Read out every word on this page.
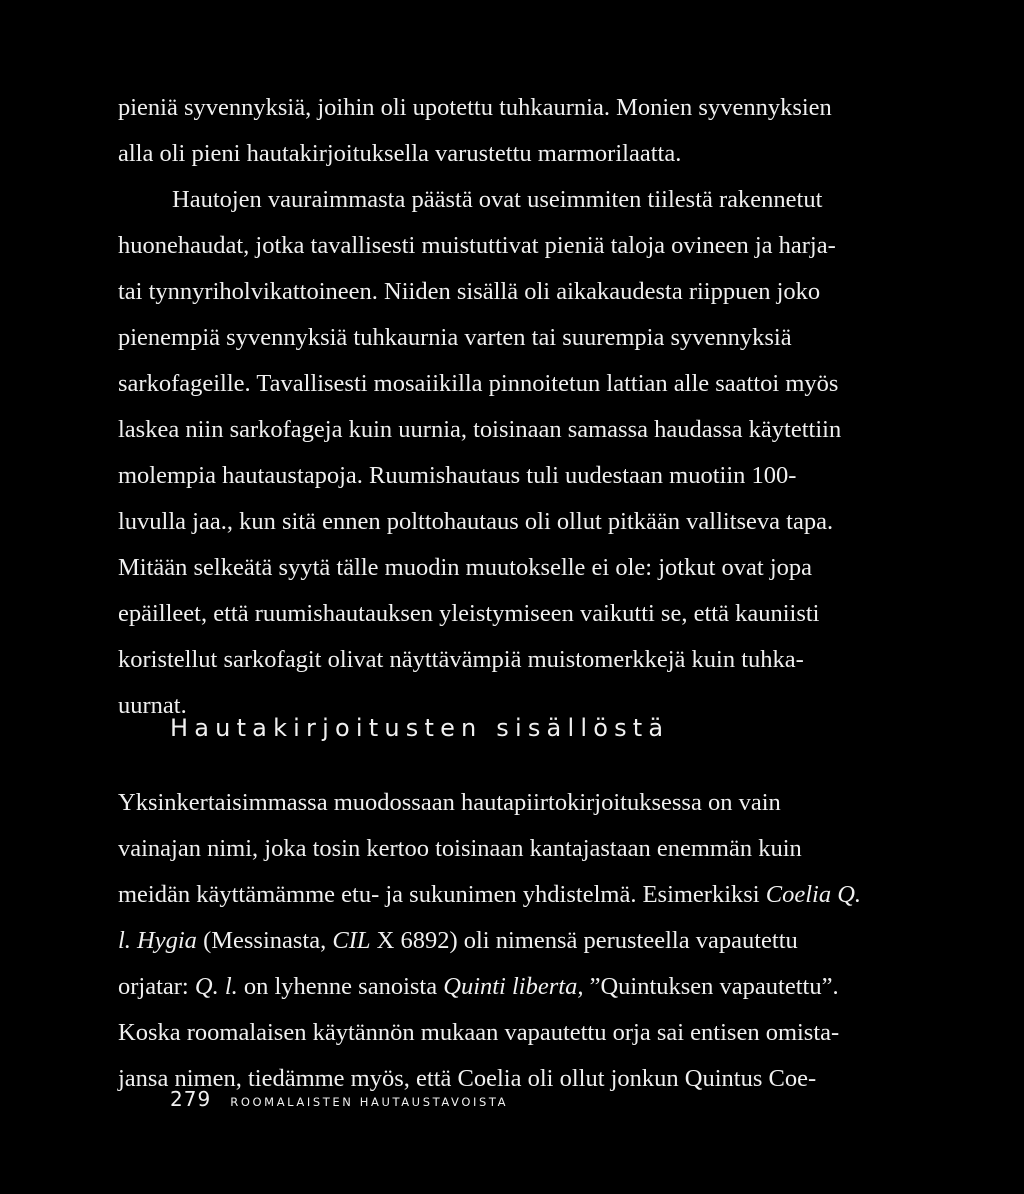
pieniä syvennyksiä, joihin oli upotettu tuhkaurnia. Monien syvennyksien
alla oli pieni hautakirjoituksella varustettu marmorilaatta.
Hautojen vauraimmasta päästä ovat useimmiten tiilestä rakennetut
huonehaudat, jotka tavallisesti muistuttivat pieniä taloja ovineen ja harja-
tai tynnyriholvikattoineen. Niiden sisällä oli aikakaudesta riippuen joko
pienempiä syvennyksiä tuhkaurnia varten tai suurempia syvennyksiä
sarkofageille. Tavallisesti mosaiikilla pinnoitetun lattian alle saattoi myös
laskea niin sarkofageja kuin uurnia, toisinaan samassa haudassa käytettiin
molempia hautaustapoja. Ruumishautaus tuli uudestaan muotiin 100-
luvulla jaa., kun sitä ennen polttohautaus oli ollut pitkään vallitseva tapa.
Mitään selkeätä syytä tälle muodin muutokselle ei ole: jotkut ovat jopa
epäilleet, että ruumishautauksen yleistymiseen vaikutti se, että kauniisti
koristellut sarkofagit olivat näyttävämpiä muistomerkkejä kuin tuhka-
uurnat.
Hautakirjoitusten sisällöstä
Yksinkertaisimmassa muodossaan hautapiirtokirjoituksessa on vain
vainajan nimi, joka tosin kertoo toisinaan kantajastaan enemmän kuin
meidän käyttämämme etu- ja sukunimen yhdistelmä. Esimerkiksi Coelia Q.
l. Hygia (Messinasta, CIL X 6892) oli nimensä perusteella vapautettu
orjatar: Q. l. on lyhenne sanoista Quinti liberta, ”Quintuksen vapautettu”.
Koska roomalaisen käytännön mukaan vapautettu orja sai entisen omista-
jansa nimen, tiedämme myös, että Coelia oli ollut jonkun Quintus Coe-
279 ROOMALAISTEN HAUTAUSTAVOISTA
